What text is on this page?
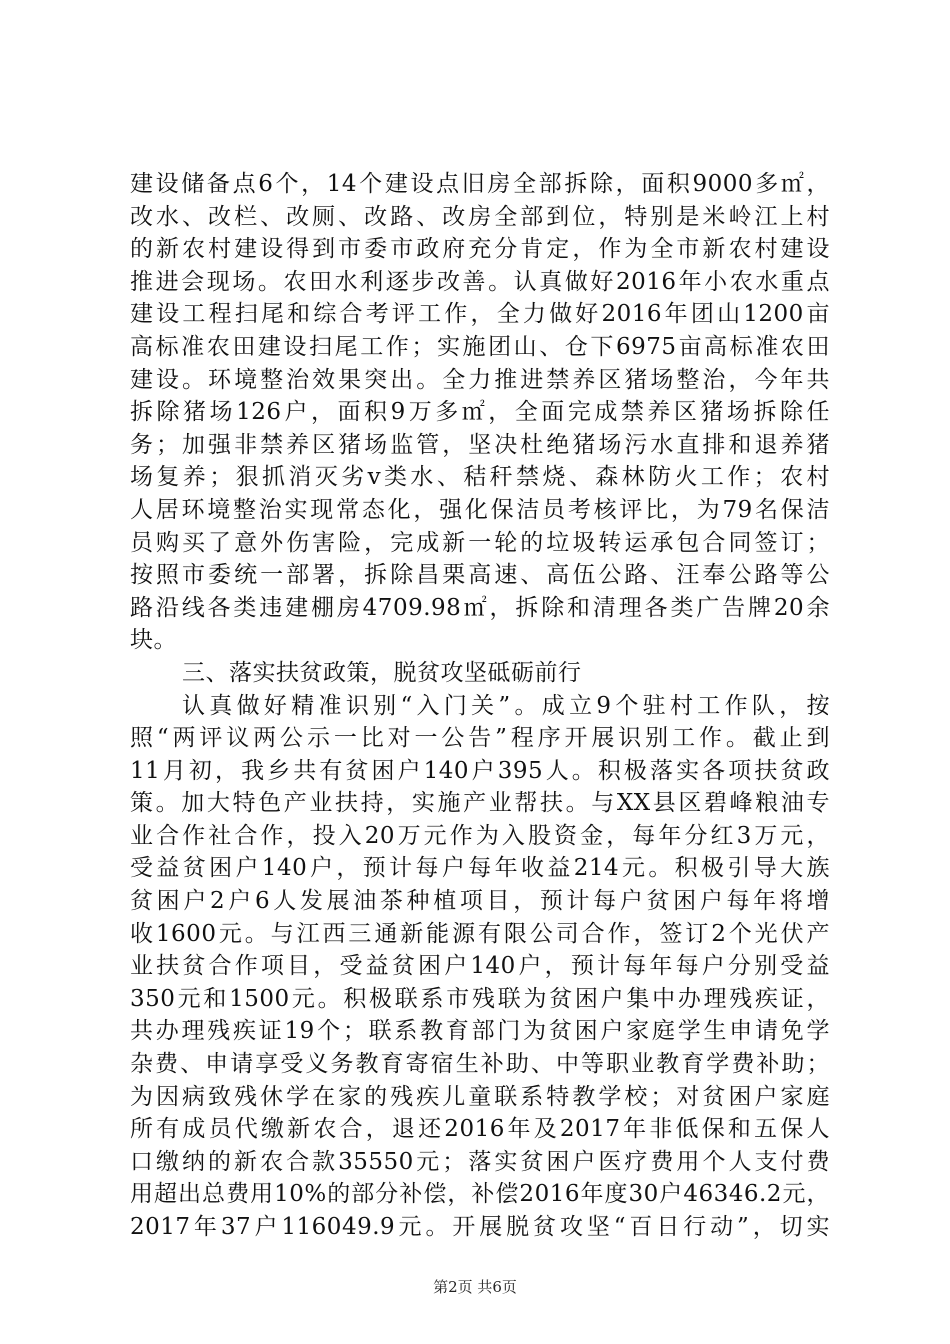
建设储备点6个，14个建设点旧房全部拆除，面积9000多㎡，
改水、改栏、改厕、改路、改房全部到位，特别是米岭江上村
的新农村建设得到市委市政府充分肯定，作为全市新农村建设
推进会现场。农田水利逐步改善。认真做好2016年小农水重点
建设工程扫尾和综合考评工作，全力做好2016年团山1200亩
高标准农田建设扫尾工作；实施团山、仓下6975亩高标准农田
建设。环境整治效果突出。全力推进禁养区猪场整治，今年共
拆除猪场126户，面积9万多㎡，全面完成禁养区猪场拆除任
务；加强非禁养区猪场监管，坚决杜绝猪场污水直排和退养猪
场复养；狠抓消灭劣v类水、秸秆禁烧、森林防火工作；农村
人居环境整治实现常态化，强化保洁员考核评比，为79名保洁
员购买了意外伤害险，完成新一轮的垃圾转运承包合同签订；
按照市委统一部署，拆除昌栗高速、高伍公路、汪奉公路等公
路沿线各类违建棚房4709.98㎡，拆除和清理各类广告牌20余
块。
三、落实扶贫政策，脱贫攻坚砥砺前行
认真做好精准识别“入门关”。成立9个驻村工作队，按
照“两评议两公示一比对一公告”程序开展识别工作。截止到
11月初，我乡共有贫困户140户395人。积极落实各项扶贫政
策。加大特色产业扶持，实施产业帮扶。与XX县区碧峰粮油专
业合作社合作，投入20万元作为入股资金，每年分红3万元，
受益贫困户140户，预计每户每年收益214元。积极引导大族
贫困户2户6人发展油茶种植项目，预计每户贫困户每年将增
收1600元。与江西三通新能源有限公司合作，签订2个光伏产
业扶贫合作项目，受益贫困户140户，预计每年每户分别受益
350元和1500元。积极联系市残联为贫困户集中办理残疾证，
共办理残疾证19个；联系教育部门为贫困户家庭学生申请免学
杂费、申请享受义务教育寄宿生补助、中等职业教育学费补助；
为因病致残休学在家的残疾儿童联系特教学校；对贫困户家庭
所有成员代缴新农合，退还2016年及2017年非低保和五保人
口缴纳的新农合款35550元；落实贫困户医疗费用个人支付费
用超出总费用10%的部分补偿，补偿2016年度30户46346.2元，
2017年37户116049.9元。开展脱贫攻坚“百日行动”，切实
第2页 共6页
